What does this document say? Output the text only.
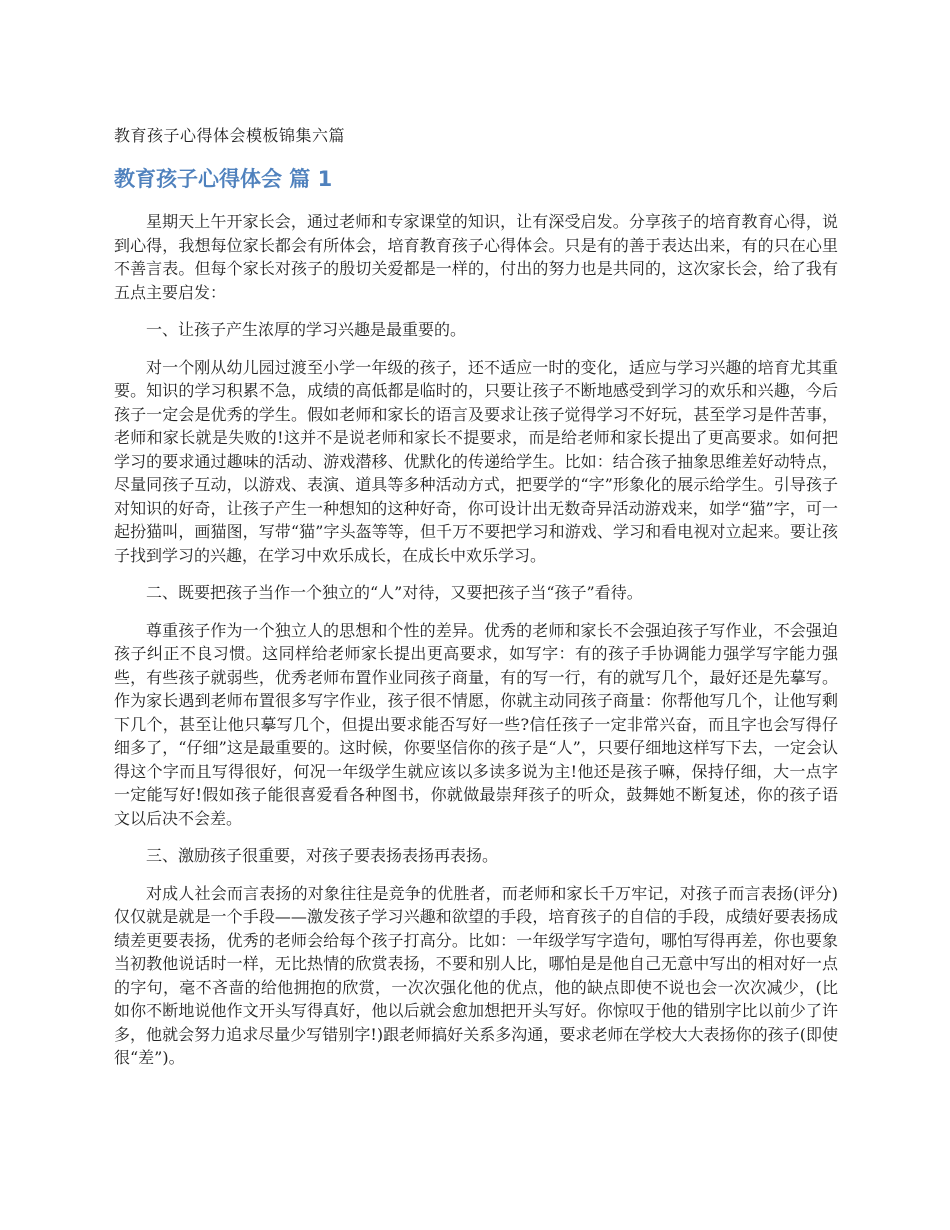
教育孩子心得体会模板锦集六篇
教育孩子心得体会 篇 1

星期天上午开家长会，通过老师和专家课堂的知识，让有深受启发。分享孩子的培育教育心得，说到心得，我想每位家长都会有所体会，培育教育孩子心得体会。只是有的善于表达出来，有的只在心里不善言表。但每个家长对孩子的殷切关爱都是一样的，付出的努力也是共同的，这次家长会，给了我有五点主要启发：

一、让孩子产生浓厚的学习兴趣是最重要的。

对一个刚从幼儿园过渡至小学一年级的孩子，还不适应一时的变化，适应与学习兴趣的培育尤其重要。知识的学习积累不急，成绩的高低都是临时的，只要让孩子不断地感受到学习的欢乐和兴趣，今后孩子一定会是优秀的学生。假如老师和家长的语言及要求让孩子觉得学习不好玩，甚至学习是件苦事，老师和家长就是失败的!这并不是说老师和家长不提要求，而是给老师和家长提出了更高要求。如何把学习的要求通过趣味的活动、游戏潜移、优默化的传递给学生。比如：结合孩子抽象思维差好动特点，尽量同孩子互动，以游戏、表演、道具等多种活动方式，把要学的“字”形象化的展示给学生。引导孩子对知识的好奇，让孩子产生一种想知的这种好奇，你可设计出无数奇异活动游戏来，如学“猫”字，可一起扮猫叫，画猫图，写带“猫”字头盔等等，但千万不要把学习和游戏、学习和看电视对立起来。要让孩子找到学习的兴趣，在学习中欢乐成长，在成长中欢乐学习。

二、既要把孩子当作一个独立的“人”对待，又要把孩子当“孩子”看待。

尊重孩子作为一个独立人的思想和个性的差异。优秀的老师和家长不会强迫孩子写作业，不会强迫孩子纠正不良习惯。这同样给老师家长提出更高要求，如写字：有的孩子手协调能力强学写字能力强些，有些孩子就弱些，优秀老师布置作业同孩子商量，有的写一行，有的就写几个，最好还是先摹写。作为家长遇到老师布置很多写字作业，孩子很不情愿，你就主动同孩子商量：你帮他写几个，让他写剩下几个，甚至让他只摹写几个，但提出要求能否写好一些?信任孩子一定非常兴奋，而且字也会写得仔细多了，“仔细”这是最重要的。这时候，你要坚信你的孩子是“人”，只要仔细地这样写下去，一定会认得这个字而且写得很好，何况一年级学生就应该以多读多说为主!他还是孩子嘛，保持仔细，大一点字一定能写好!假如孩子能很喜爱看各种图书，你就做最崇拜孩子的听众，鼓舞她不断复述，你的孩子语文以后决不会差。

三、激励孩子很重要，对孩子要表扬表扬再表扬。

对成人社会而言表扬的对象往往是竞争的优胜者，而老师和家长千万牢记，对孩子而言表扬(评分)仅仅就是就是一个手段——激发孩子学习兴趣和欲望的手段，培育孩子的自信的手段，成绩好要表扬成绩差更要表扬，优秀的老师会给每个孩子打高分。比如：一年级学写字造句，哪怕写得再差，你也要象当初教他说话时一样，无比热情的欣赏表扬，不要和别人比，哪怕是是他自己无意中写出的相对好一点的字句，毫不吝啬的给他拥抱的欣赏，一次次强化他的优点，他的缺点即使不说也会一次次减少，(比如你不断地说他作文开头写得真好，他以后就会愈加想把开头写好。你惊叹于他的错别字比以前少了许多，他就会努力追求尽量少写错别字!)跟老师搞好关系多沟通，要求老师在学校大大表扬你的孩子(即使很“差”)。
